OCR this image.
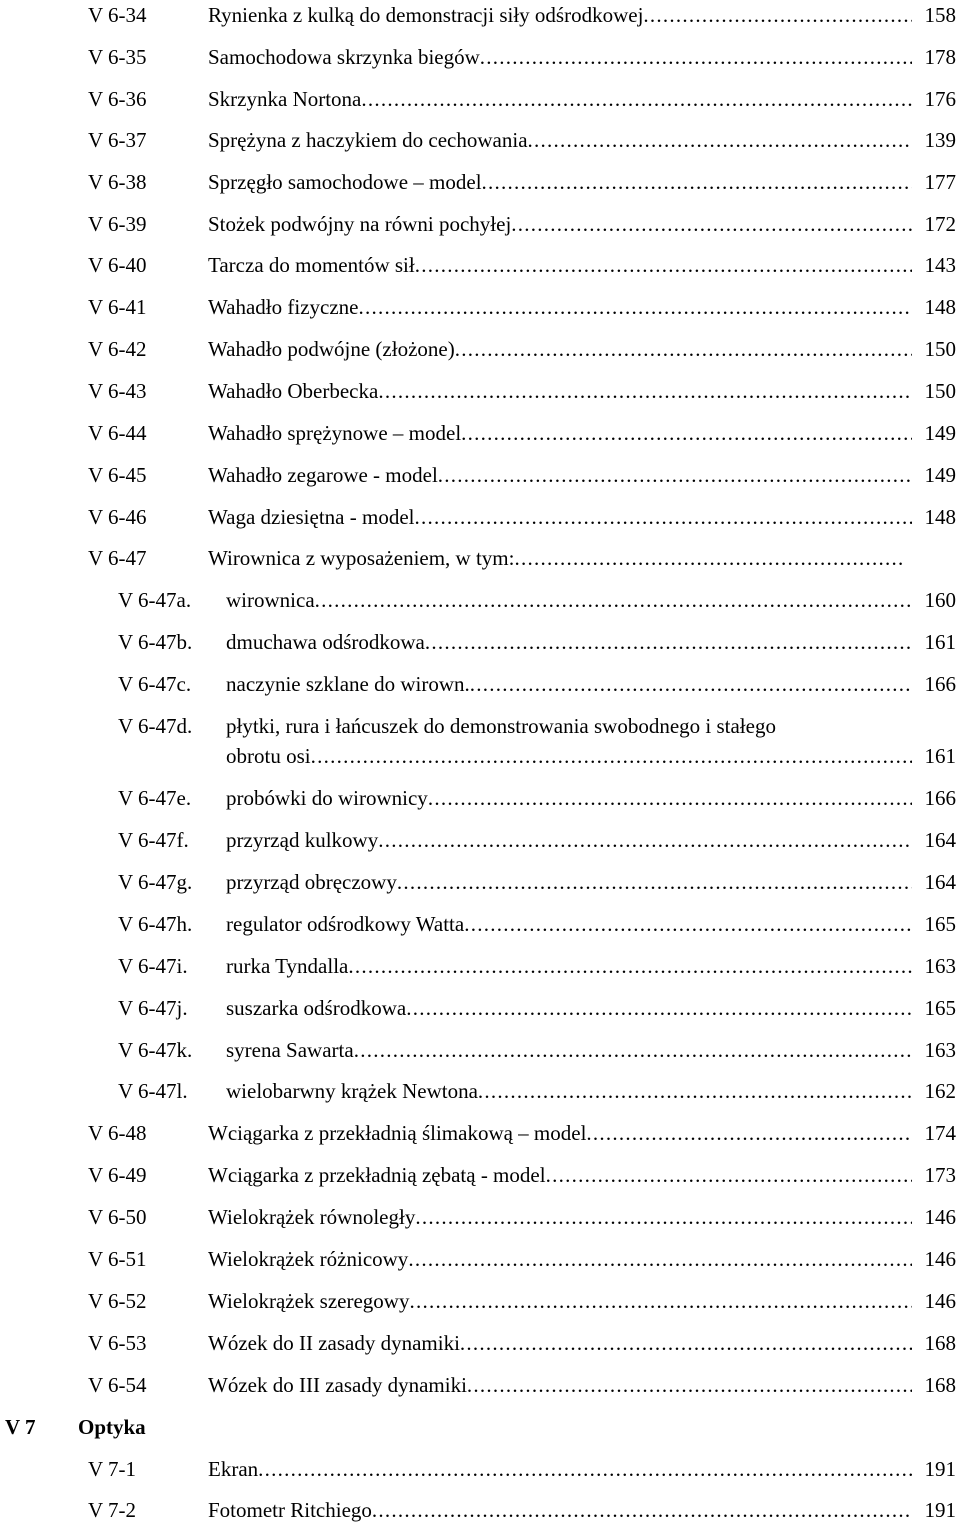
V 6-34	Rynienka z kulką do demonstracji siły odśrodkowej . . .	158
V 6-35	Samochodowa skrzynka biegów . . .	178
V 6-36	Skrzynka Nortona . . .	176
V 6-37	Sprężyna z haczykiem do cechowania . . .	139
V 6-38	Sprzęgło samochodowe – model . . .	177
V 6-39	Stożek podwójny na równi pochyłej . . .	172
V 6-40	Tarcza do momentów sił . . .	143
V 6-41	Wahadło fizyczne . . .	148
V 6-42	Wahadło podwójne (złożone) . . .	150
V 6-43	Wahadło Oberbecka . . .	150
V 6-44	Wahadło sprężynowe – model . . .	149
V 6-45	Wahadło zegarowe - model . . .	149
V 6-46	Waga dziesiętna - model . . .	148
V 6-47	Wirownica z wyposażeniem, w tym:
. . .
V 6-47a. wirownica . . .	160
V 6-47b. dmuchawa odśrodkowa . . .	161
V 6-47c. naczynie szklane do wirown. . . .	166
V 6-47d. płytki, rura i łańcuszek do demonstrowania swobodnego i stałego
obrotu osi . . .	161
V 6-47e. probówki do wirownicy . . .	166
V 6-47f. przyrząd kulkowy . . .	164
V 6-47g. przyrząd obręczowy . . .	164
V 6-47h. regulator odśrodkowy Watta . . .	165
V 6-47i. rurka Tyndalla . . .	163
V 6-47j. suszarka odśrodkowa . . .	165
V 6-47k. syrena Sawarta . . .	163
V 6-47l. wielobarwny krążek Newtona . . .	162
V 6-48	Wciągarka z przekładnią ślimakową – model . . .	174
V 6-49	Wciągarka z przekładnią zębatą - model . . .	173
V 6-50	Wielokrążek równoległy . . .	146
V 6-51	Wielokrążek różnicowy . . .	146
V 6-52	Wielokrążek szeregowy . . .	146
V 6-53	Wózek do II zasady dynamiki . . .	168
V 6-54	Wózek do III zasady dynamiki . . .	168
V 7 Optyka
V 7-1	Ekran . . .	191
V 7-2	Fotometr Ritchiego . . .	191
